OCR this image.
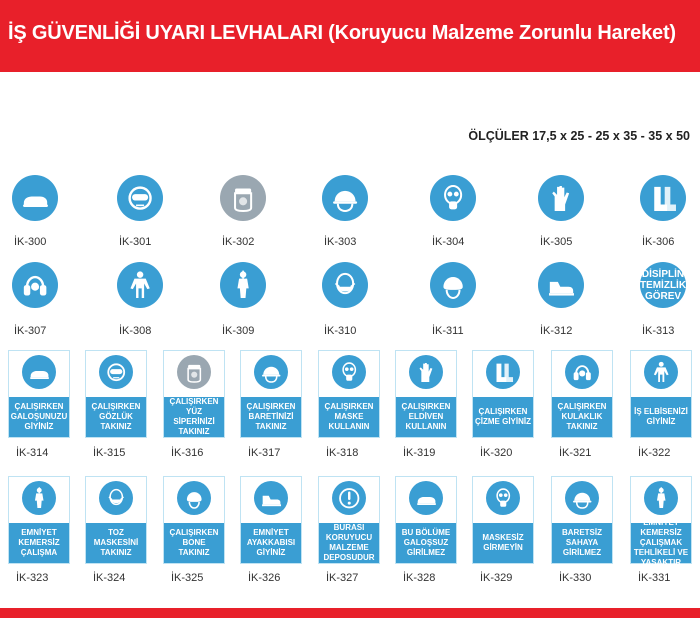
İŞ GÜVENLİĞİ UYARI LEVHALARI (Koruyucu Malzeme Zorunlu Hareket)
ÖLÇÜLER 17,5 x 25 - 25 x 35 - 35 x 50
İK-300	İK-301	İK-302	İK-303	İK-304	İK-305	İK-306
İK-307	İK-308	İK-309	İK-310	İK-311	İK-312
DİSİPLİN TEMİZLİK GÖREV
İK-313
ÇALIŞIRKEN GALOŞUNUZU GİYİNİZ
İK-314
ÇALIŞIRKEN GÖZLÜK TAKINIZ
İK-315
ÇALIŞIRKEN YÜZ SİPERİNİZİ TAKINIZ
İK-316
ÇALIŞIRKEN BARETİNİZİ TAKINIZ
İK-317
ÇALIŞIRKEN MASKE KULLANIN
İK-318
ÇALIŞIRKEN ELDİVEN KULLANIN
İK-319
ÇALIŞIRKEN ÇİZME GİYİNİZ
İK-320
ÇALIŞIRKEN KULAKLIK TAKINIZ
İK-321
İŞ ELBİSENİZİ GİYİNİZ
İK-322
EMNİYET KEMERSİZ ÇALIŞMA
İK-323
TOZ MASKESİNİ TAKINIZ
İK-324
ÇALIŞIRKEN BONE TAKINIZ
İK-325
EMNİYET AYAKKABISI GİYİNİZ
İK-326
BURASI KORUYUCU MALZEME DEPOSUDUR
İK-327
BU BÖLÜME GALOŞSUZ GİRİLMEZ
İK-328
MASKESİZ GİRMEYİN
İK-329
BARETSİZ SAHAYA GİRİLMEZ
İK-330
EMNİYET KEMERSİZ ÇALIŞMAK TEHLİKELİ VE YASAKTIR
İK-331
